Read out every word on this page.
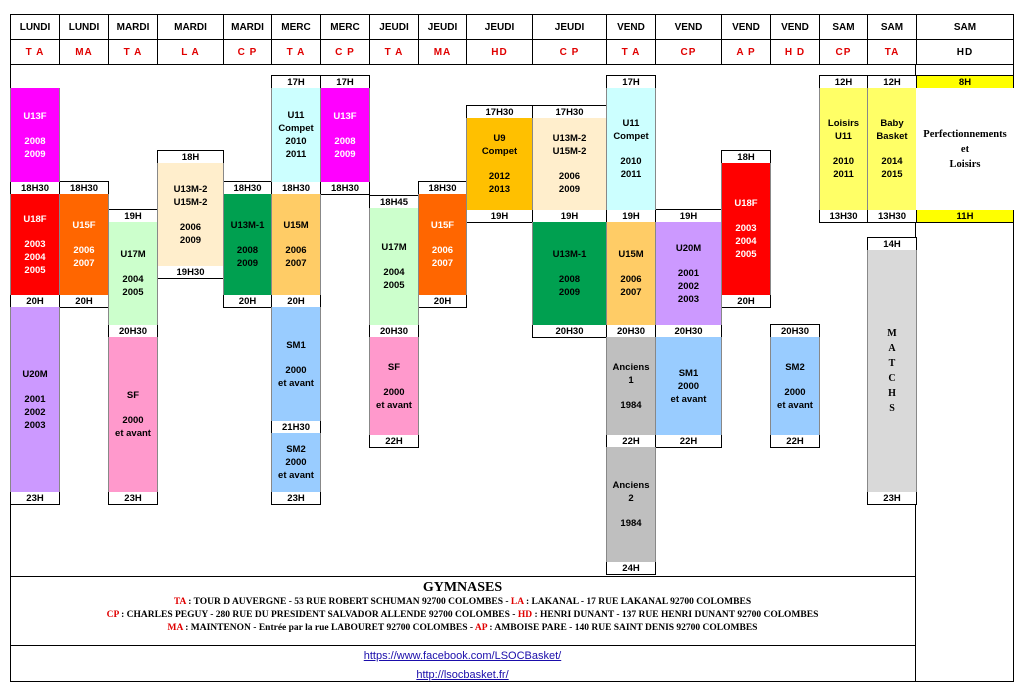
LUNDI
T A
LUNDI
MA
MARDI
T A
MARDI
L A
MARDI
C P
MERC
T A
MERC
C P
JEUDI
T A
JEUDI
MA
JEUDI
HD
JEUDI
C P
VEND
T A
VEND
CP
VEND
A P
VEND
H D
SAM
CP
SAM
TA
SAM
HD
18H30
20H
23H
18H30
20H
19H
20H30
23H
18H
19H30
18H30
20H
17H
18H30
20H
21H30
23H
17H
18H30
18H45
20H30
22H
18H30
20H
17H30
19H
17H30
19H
20H30
17H
19H
20H30
22H
24H
19H
20H30
22H
18H
20H
20H30
22H
12H
13H30
12H
13H30
14H
23H
8H
11H
U13F
2008
2009
U18F
2003
2004
2005
U20M
2001
2002
2003
U15F
2006
2007
U17M
2004
2005
SF
2000
et avant
U13M-2
U15M-2
2006
2009
U13M-1
2008
2009
U11
Compet
2010
2011
U15M
2006
2007
SM1
2000
et avant
SM2
2000
et avant
U13F
2008
2009
U17M
2004
2005
SF
2000
et avant
U15F
2006
2007
U9
Compet
2012
2013
U13M-2
U15M-2
2006
2009
U13M-1
2008
2009
U11
Compet
2010
2011
U15M
2006
2007
Anciens
1
1984
Anciens
2
1984
U20M
2001
2002
2003
SM1
2000
et avant
U18F
2003
2004
2005
SM2
2000
et avant
Loisirs
U11
2010
2011
Baby
Basket
2014
2015
M
A
T
C
H
S
Perfectionnements
et
Loisirs
GYMNASES
TA : TOUR D AUVERGNE - 53 RUE ROBERT SCHUMAN 92700 COLOMBES - LA : LAKANAL - 17 RUE LAKANAL 92700 COLOMBES
CP : CHARLES PEGUY - 280 RUE DU PRESIDENT SALVADOR ALLENDE 92700 COLOMBES - HD : HENRI DUNANT - 137 RUE HENRI DUNANT 92700 COLOMBES
MA : MAINTENON - Entrée par la rue LABOURET 92700 COLOMBES - AP : AMBOISE PARE - 140 RUE SAINT DENIS 92700 COLOMBES
https://www.facebook.com/LSOCBasket/
http://lsocbasket.fr/
